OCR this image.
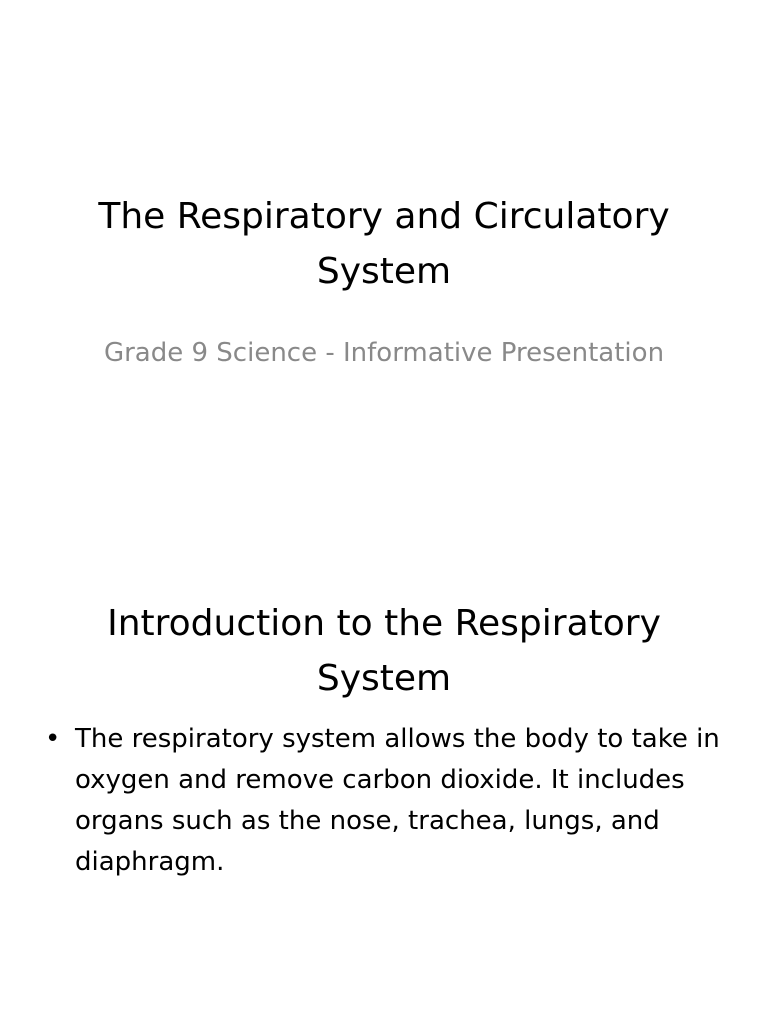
The Respiratory and Circulatory System

Grade 9 Science - Informative Presentation

Introduction to the Respiratory System
• The respiratory system allows the body to take in oxygen and remove carbon dioxide. It includes organs such as the nose, trachea, lungs, and diaphragm.
